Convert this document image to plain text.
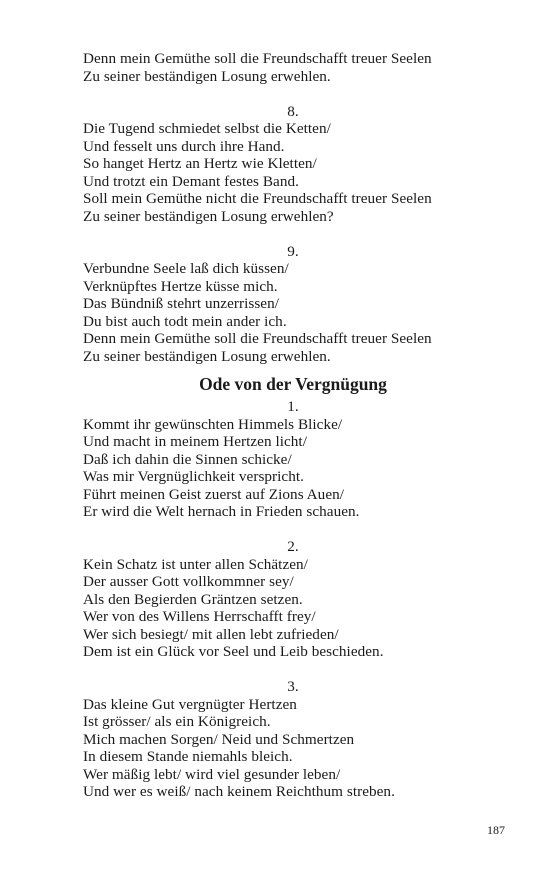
Denn mein Gemüthe soll die Freundschafft treuer Seelen
Zu seiner beständigen Losung erwehlen.
8.
Die Tugend schmiedet selbst die Ketten/
Und fesselt uns durch ihre Hand.
So hanget Hertz an Hertz wie Kletten/
Und trotzt ein Demant festes Band.
Soll mein Gemüthe nicht die Freundschafft treuer Seelen
Zu seiner beständigen Losung erwehlen?
9.
Verbundne Seele laß dich küssen/
Verknüpftes Hertze küsse mich.
Das Bündniß stehrt unzerrissen/
Du bist auch todt mein ander ich.
Denn mein Gemüthe soll die Freundschafft treuer Seelen
Zu seiner beständigen Losung erwehlen.
Ode von der Vergnügung
1.
Kommt ihr gewünschten Himmels Blicke/
Und macht in meinem Hertzen licht/
Daß ich dahin die Sinnen schicke/
Was mir Vergnüglichkeit verspricht.
Führt meinen Geist zuerst auf Zions Auen/
Er wird die Welt hernach in Frieden schauen.
2.
Kein Schatz ist unter allen Schätzen/
Der ausser Gott vollkommner sey/
Als den Begierden Gräntzen setzen.
Wer von des Willens Herrschafft frey/
Wer sich besiegt/ mit allen lebt zufrieden/
Dem ist ein Glück vor Seel und Leib beschieden.
3.
Das kleine Gut vergnügter Hertzen
Ist grösser/ als ein Königreich.
Mich machen Sorgen/ Neid und Schmertzen
In diesem Stande niemahls bleich.
Wer mäßig lebt/ wird viel gesunder leben/
Und wer es weiß/ nach keinem Reichthum streben.
187
